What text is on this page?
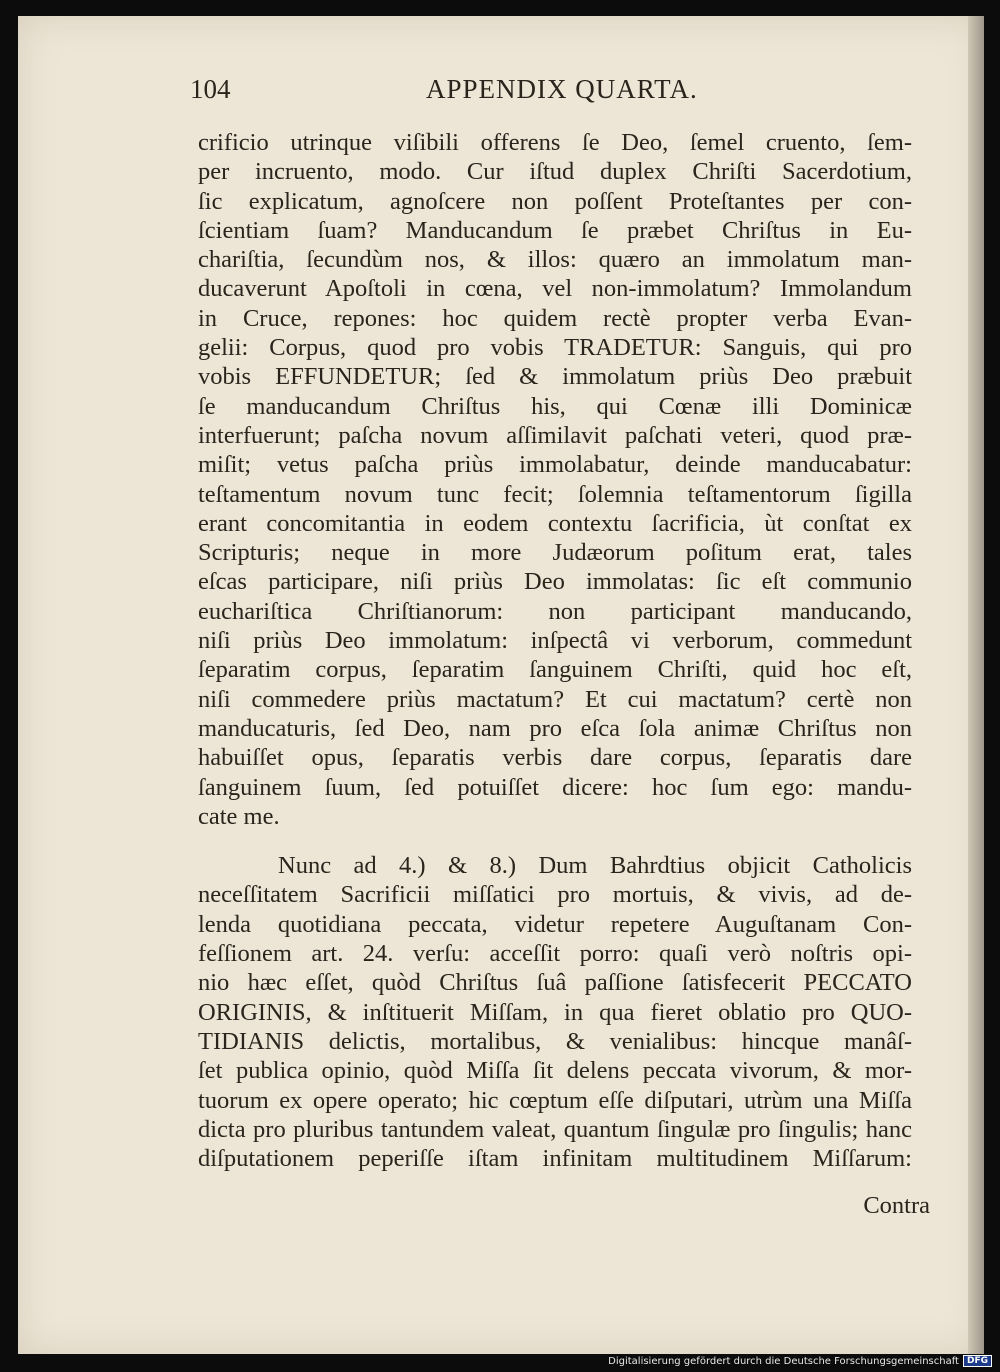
104	APPENDIX QUARTA.
crificio utrinque viſibili offerens ſe Deo, ſemel cruento, ſem-
per incruento, modo. Cur iſtud duplex Chriſti Sacerdotium,
ſic explicatum, agnoſcere non poſſent Proteſtantes per con-
ſcientiam ſuam? Manducandum ſe præbet Chriſtus in Eu-
chariſtia, ſecundùm nos, & illos: quæro an immolatum man-
ducaverunt Apoſtoli in cœna, vel non-immolatum? Immolandum
in Cruce, repones: hoc quidem rectè propter verba Evan-
gelii: Corpus, quod pro vobis TRADETUR: Sanguis, qui pro
vobis EFFUNDETUR; ſed & immolatum priùs Deo præbuit
ſe manducandum Chriſtus his, qui Cœnæ illi Dominicæ
interfuerunt; paſcha novum aſſimilavit paſchati veteri, quod præ-
miſit; vetus paſcha priùs immolabatur, deinde manducabatur:
teſtamentum novum tunc fecit; ſolemnia teſtamentorum ſigilla
erant concomitantia in eodem contextu ſacrificia, ùt conſtat ex
Scripturis; neque in more Judæorum poſitum erat, tales
eſcas participare, niſi priùs Deo immolatas: ſic eſt communio
euchariſtica Chriſtianorum: non participant manducando,
niſi priùs Deo immolatum: inſpectâ vi verborum, commedunt
ſeparatim corpus, ſeparatim ſanguinem Chriſti, quid hoc eſt,
niſi commedere priùs mactatum? Et cui mactatum? certè non
manducaturis, ſed Deo, nam pro eſca ſola animæ Chriſtus non
habuiſſet opus, ſeparatis verbis dare corpus, ſeparatis dare
ſanguinem ſuum, ſed potuiſſet dicere: hoc ſum ego: mandu-
cate me.
Nunc ad 4.) & 8.) Dum Bahrdtius objicit Catholicis
neceſſitatem Sacrificii miſſatici pro mortuis, & vivis, ad de-
lenda quotidiana peccata, videtur repetere Auguſtanam Con-
feſſionem art. 24. verſu: acceſſit porro: quaſi verò noſtris opi-
nio hæc eſſet, quòd Chriſtus ſuâ paſſione ſatisfecerit PECCATO
ORIGINIS, & inſtituerit Miſſam, in qua fieret oblatio pro QUO-
TIDIANIS delictis, mortalibus, & venialibus: hincque manâſ-
ſet publica opinio, quòd Miſſa ſit delens peccata vivorum, & mor-
tuorum ex opere operato; hic cœptum eſſe diſputari, utrùm una Miſſa
dicta pro pluribus tantundem valeat, quantum ſingulæ pro ſingulis; hanc
diſputationem peperiſſe iſtam infinitam multitudinem Miſſarum:
Contra
Digitalisierung gefördert durch die Deutsche Forschungsgemeinschaft DFG
